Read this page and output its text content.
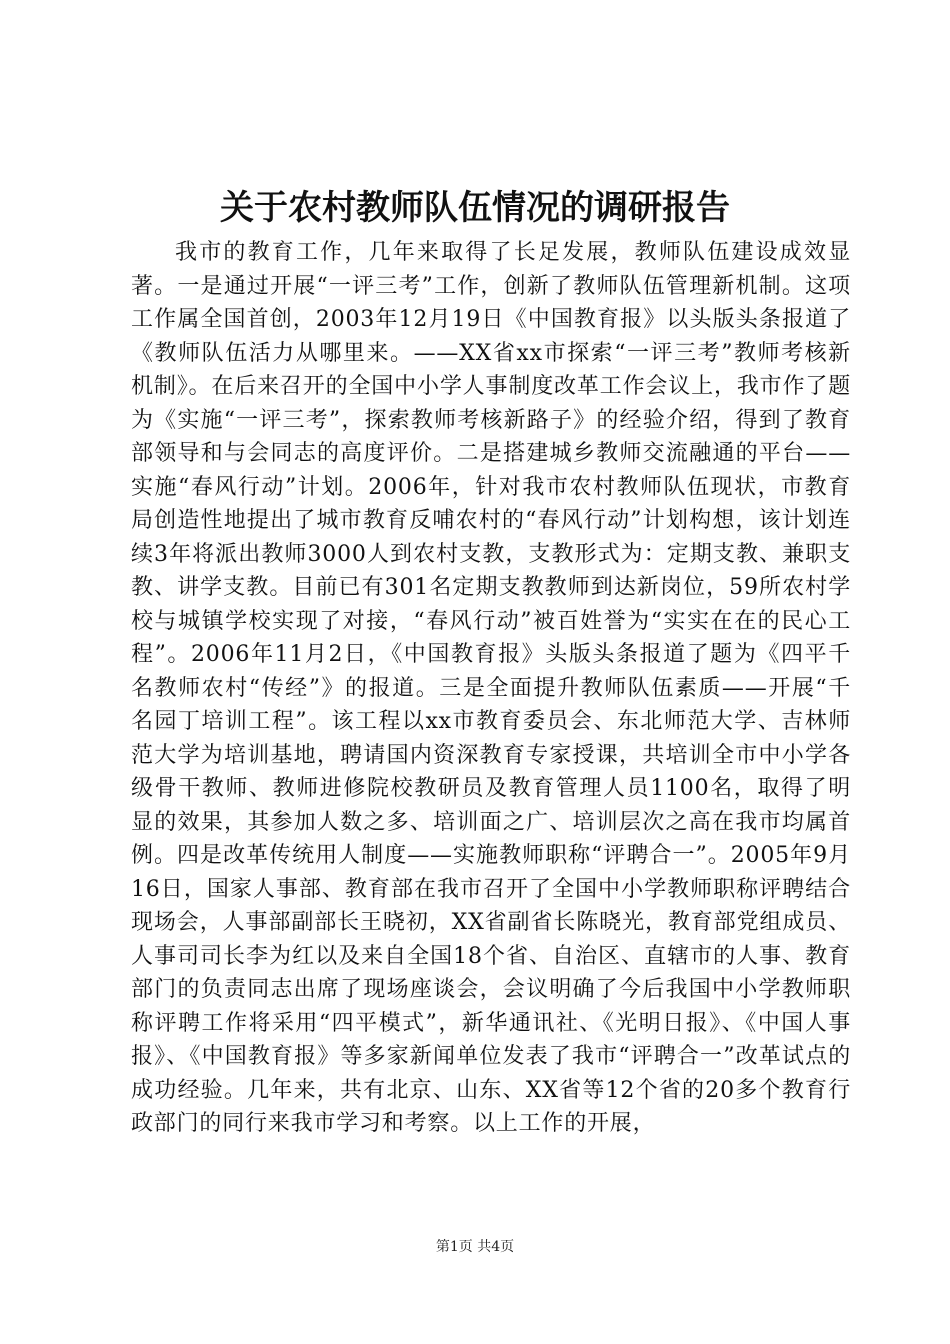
关于农村教师队伍情况的调研报告

我市的教育工作，几年来取得了长足发展，教师队伍建设成效显著。一是通过开展“一评三考”工作，创新了教师队伍管理新机制。这项工作属全国首创，2003年12月19日《中国教育报》以头版头条报道了《教师队伍活力从哪里来。——XX省xx市探索“一评三考”教师考核新机制》。在后来召开的全国中小学人事制度改革工作会议上，我市作了题为《实施“一评三考”，探索教师考核新路子》的经验介绍，得到了教育部领导和与会同志的高度评价。二是搭建城乡教师交流融通的平台——实施“春风行动”计划。2006年，针对我市农村教师队伍现状，市教育局创造性地提出了城市教育反哺农村的“春风行动”计划构想，该计划连续3年将派出教师3000人到农村支教，支教形式为：定期支教、兼职支教、讲学支教。目前已有301名定期支教教师到达新岗位，59所农村学校与城镇学校实现了对接，“春风行动”被百姓誉为“实实在在的民心工程”。2006年11月2日，《中国教育报》头版头条报道了题为《四平千名教师农村“传经”》的报道。三是全面提升教师队伍素质——开展“千名园丁培训工程”。该工程以xx市教育委员会、东北师范大学、吉林师范大学为培训基地，聘请国内资深教育专家授课，共培训全市中小学各级骨干教师、教师进修院校教研员及教育管理人员1100名，取得了明显的效果，其参加人数之多、培训面之广、培训层次之高在我市均属首例。四是改革传统用人制度——实施教师职称“评聘合一”。2005年9月16日，国家人事部、教育部在我市召开了全国中小学教师职称评聘结合现场会，人事部副部长王晓初，XX省副省长陈晓光，教育部党组成员、人事司司长李为红以及来自全国18个省、自治区、直辖市的人事、教育部门的负责同志出席了现场座谈会，会议明确了今后我国中小学教师职称评聘工作将采用“四平模式”，新华通讯社、《光明日报》、《中国人事报》、《中国教育报》等多家新闻单位发表了我市“评聘合一”改革试点的成功经验。几年来，共有北京、山东、XX省等12个省的20多个教育行政部门的同行来我市学习和考察。以上工作的开展，

第1页 共4页
